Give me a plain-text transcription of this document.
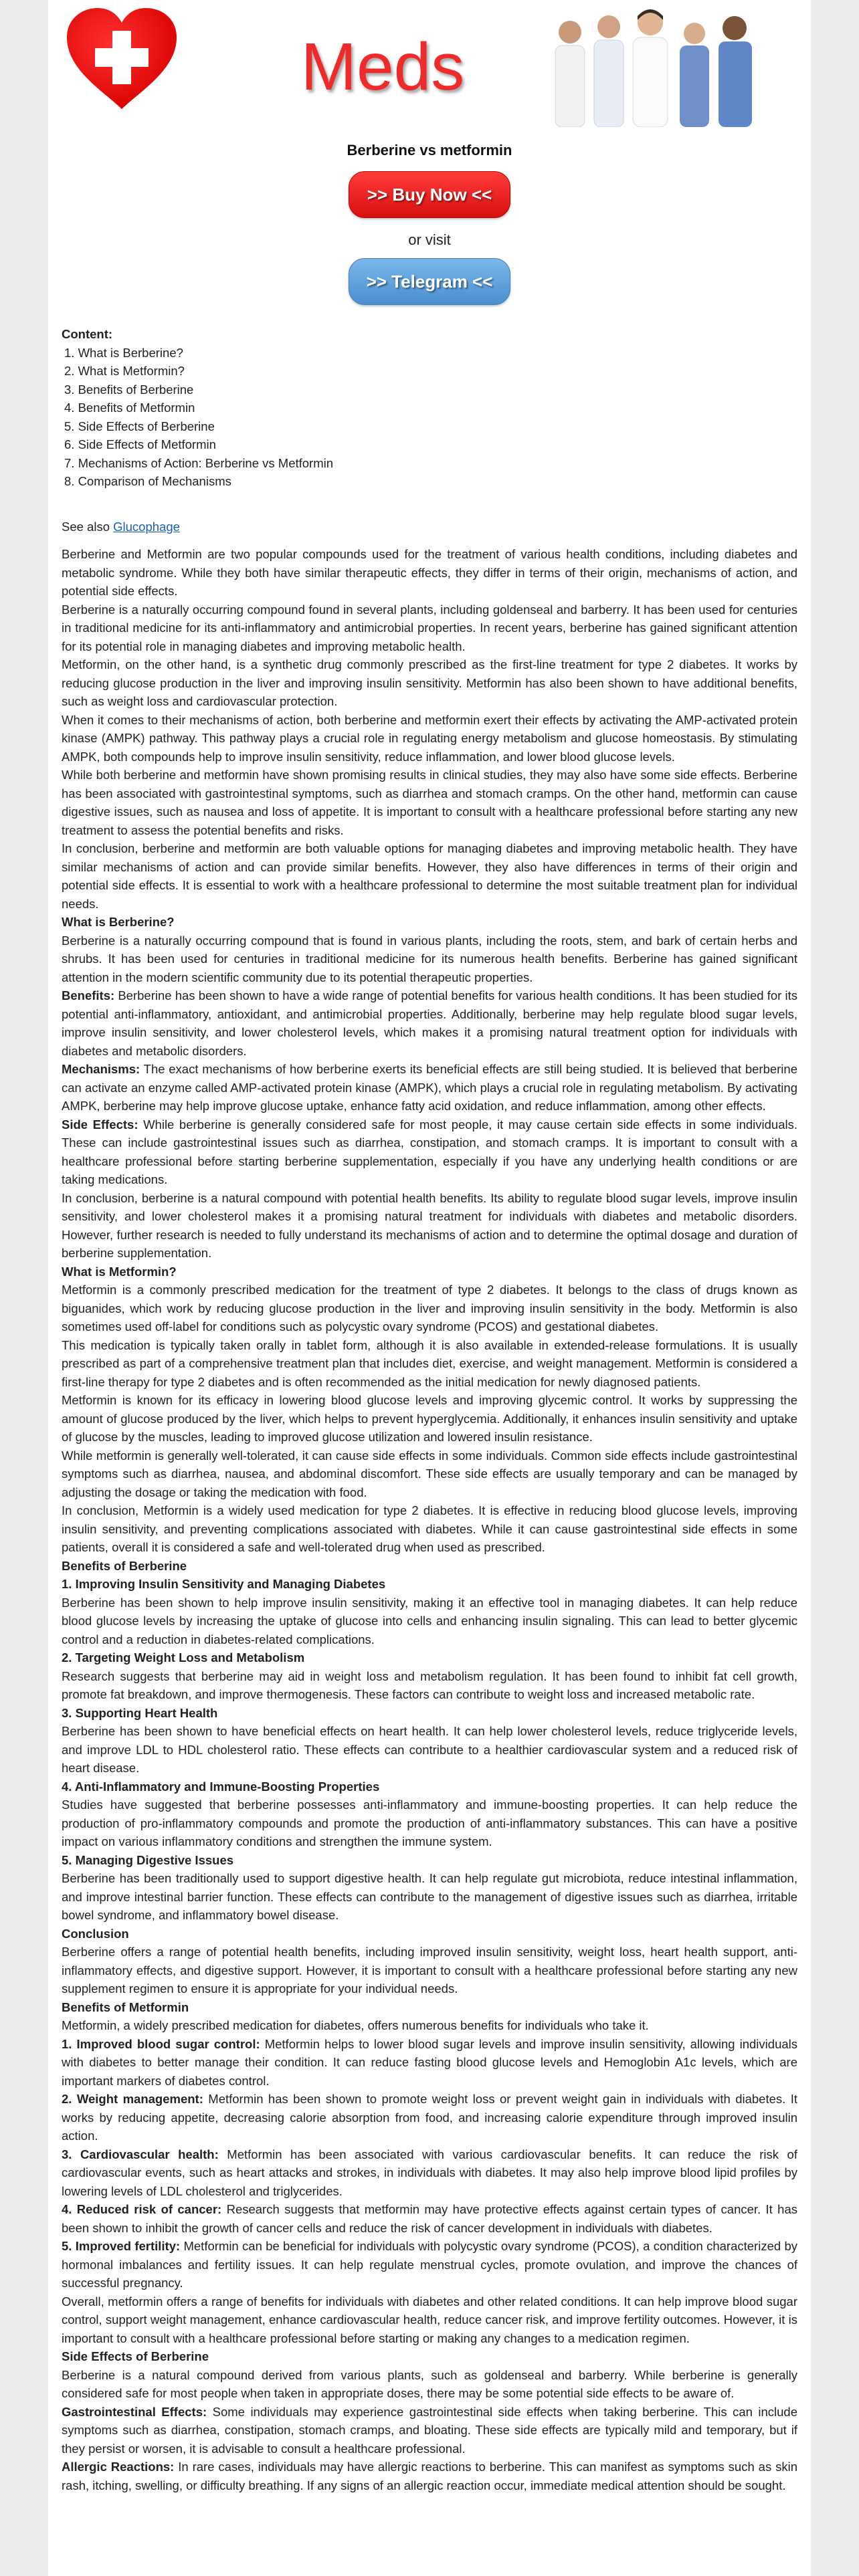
Meds
Berberine vs metformin
>> Buy Now <<
or visit
>> Telegram <<
Content:
1. What is Berberine?
2. What is Metformin?
3. Benefits of Berberine
4. Benefits of Metformin
5. Side Effects of Berberine
6. Side Effects of Metformin
7. Mechanisms of Action: Berberine vs Metformin
8. Comparison of Mechanisms
See also Glucophage

Berberine and Metformin are two popular compounds used for the treatment of various health conditions, including diabetes and metabolic syndrome. While they both have similar therapeutic effects, they differ in terms of their origin, mechanisms of action, and potential side effects.

Berberine is a naturally occurring compound found in several plants, including goldenseal and barberry. It has been used for centuries in traditional medicine for its anti-inflammatory and antimicrobial properties. In recent years, berberine has gained significant attention for its potential role in managing diabetes and improving metabolic health.

Metformin, on the other hand, is a synthetic drug commonly prescribed as the first-line treatment for type 2 diabetes. It works by reducing glucose production in the liver and improving insulin sensitivity. Metformin has also been shown to have additional benefits, such as weight loss and cardiovascular protection.

When it comes to their mechanisms of action, both berberine and metformin exert their effects by activating the AMP-activated protein kinase (AMPK) pathway. This pathway plays a crucial role in regulating energy metabolism and glucose homeostasis. By stimulating AMPK, both compounds help to improve insulin sensitivity, reduce inflammation, and lower blood glucose levels.

While both berberine and metformin have shown promising results in clinical studies, they may also have some side effects. Berberine has been associated with gastrointestinal symptoms, such as diarrhea and stomach cramps. On the other hand, metformin can cause digestive issues, such as nausea and loss of appetite. It is important to consult with a healthcare professional before starting any new treatment to assess the potential benefits and risks.

In conclusion, berberine and metformin are both valuable options for managing diabetes and improving metabolic health. They have similar mechanisms of action and can provide similar benefits. However, they also have differences in terms of their origin and potential side effects. It is essential to work with a healthcare professional to determine the most suitable treatment plan for individual needs.

What is Berberine?

Berberine is a naturally occurring compound that is found in various plants, including the roots, stem, and bark of certain herbs and shrubs. It has been used for centuries in traditional medicine for its numerous health benefits. Berberine has gained significant attention in the modern scientific community due to its potential therapeutic properties.

Benefits: Berberine has been shown to have a wide range of potential benefits for various health conditions. It has been studied for its potential anti-inflammatory, antioxidant, and antimicrobial properties. Additionally, berberine may help regulate blood sugar levels, improve insulin sensitivity, and lower cholesterol levels, which makes it a promising natural treatment option for individuals with diabetes and metabolic disorders.

Mechanisms: The exact mechanisms of how berberine exerts its beneficial effects are still being studied. It is believed that berberine can activate an enzyme called AMP-activated protein kinase (AMPK), which plays a crucial role in regulating metabolism. By activating AMPK, berberine may help improve glucose uptake, enhance fatty acid oxidation, and reduce inflammation, among other effects.

Side Effects: While berberine is generally considered safe for most people, it may cause certain side effects in some individuals. These can include gastrointestinal issues such as diarrhea, constipation, and stomach cramps. It is important to consult with a healthcare professional before starting berberine supplementation, especially if you have any underlying health conditions or are taking medications.

In conclusion, berberine is a natural compound with potential health benefits. Its ability to regulate blood sugar levels, improve insulin sensitivity, and lower cholesterol makes it a promising natural treatment for individuals with diabetes and metabolic disorders. However, further research is needed to fully understand its mechanisms of action and to determine the optimal dosage and duration of berberine supplementation.

What is Metformin?

Metformin is a commonly prescribed medication for the treatment of type 2 diabetes. It belongs to the class of drugs known as biguanides, which work by reducing glucose production in the liver and improving insulin sensitivity in the body. Metformin is also sometimes used off-label for conditions such as polycystic ovary syndrome (PCOS) and gestational diabetes.

This medication is typically taken orally in tablet form, although it is also available in extended-release formulations. It is usually prescribed as part of a comprehensive treatment plan that includes diet, exercise, and weight management. Metformin is considered a first-line therapy for type 2 diabetes and is often recommended as the initial medication for newly diagnosed patients.

Metformin is known for its efficacy in lowering blood glucose levels and improving glycemic control. It works by suppressing the amount of glucose produced by the liver, which helps to prevent hyperglycemia. Additionally, it enhances insulin sensitivity and uptake of glucose by the muscles, leading to improved glucose utilization and lowered insulin resistance.

While metformin is generally well-tolerated, it can cause side effects in some individuals. Common side effects include gastrointestinal symptoms such as diarrhea, nausea, and abdominal discomfort. These side effects are usually temporary and can be managed by adjusting the dosage or taking the medication with food.

In conclusion, Metformin is a widely used medication for type 2 diabetes. It is effective in reducing blood glucose levels, improving insulin sensitivity, and preventing complications associated with diabetes. While it can cause gastrointestinal side effects in some patients, overall it is considered a safe and well-tolerated drug when used as prescribed.

Benefits of Berberine

1. Improving Insulin Sensitivity and Managing Diabetes

Berberine has been shown to help improve insulin sensitivity, making it an effective tool in managing diabetes. It can help reduce blood glucose levels by increasing the uptake of glucose into cells and enhancing insulin signaling. This can lead to better glycemic control and a reduction in diabetes-related complications.

2. Targeting Weight Loss and Metabolism

Research suggests that berberine may aid in weight loss and metabolism regulation. It has been found to inhibit fat cell growth, promote fat breakdown, and improve thermogenesis. These factors can contribute to weight loss and increased metabolic rate.

3. Supporting Heart Health

Berberine has been shown to have beneficial effects on heart health. It can help lower cholesterol levels, reduce triglyceride levels, and improve LDL to HDL cholesterol ratio. These effects can contribute to a healthier cardiovascular system and a reduced risk of heart disease.

4. Anti-Inflammatory and Immune-Boosting Properties

Studies have suggested that berberine possesses anti-inflammatory and immune-boosting properties. It can help reduce the production of pro-inflammatory compounds and promote the production of anti-inflammatory substances. This can have a positive impact on various inflammatory conditions and strengthen the immune system.

5. Managing Digestive Issues

Berberine has been traditionally used to support digestive health. It can help regulate gut microbiota, reduce intestinal inflammation, and improve intestinal barrier function. These effects can contribute to the management of digestive issues such as diarrhea, irritable bowel syndrome, and inflammatory bowel disease.

Conclusion

Berberine offers a range of potential health benefits, including improved insulin sensitivity, weight loss, heart health support, anti-inflammatory effects, and digestive support. However, it is important to consult with a healthcare professional before starting any new supplement regimen to ensure it is appropriate for your individual needs.

Benefits of Metformin

Metformin, a widely prescribed medication for diabetes, offers numerous benefits for individuals who take it.

1. Improved blood sugar control: Metformin helps to lower blood sugar levels and improve insulin sensitivity, allowing individuals with diabetes to better manage their condition. It can reduce fasting blood glucose levels and Hemoglobin A1c levels, which are important markers of diabetes control.

2. Weight management: Metformin has been shown to promote weight loss or prevent weight gain in individuals with diabetes. It works by reducing appetite, decreasing calorie absorption from food, and increasing calorie expenditure through improved insulin action.

3. Cardiovascular health: Metformin has been associated with various cardiovascular benefits. It can reduce the risk of cardiovascular events, such as heart attacks and strokes, in individuals with diabetes. It may also help improve blood lipid profiles by lowering levels of LDL cholesterol and triglycerides.

4. Reduced risk of cancer: Research suggests that metformin may have protective effects against certain types of cancer. It has been shown to inhibit the growth of cancer cells and reduce the risk of cancer development in individuals with diabetes.

5. Improved fertility: Metformin can be beneficial for individuals with polycystic ovary syndrome (PCOS), a condition characterized by hormonal imbalances and fertility issues. It can help regulate menstrual cycles, promote ovulation, and improve the chances of successful pregnancy.

Overall, metformin offers a range of benefits for individuals with diabetes and other related conditions. It can help improve blood sugar control, support weight management, enhance cardiovascular health, reduce cancer risk, and improve fertility outcomes. However, it is important to consult with a healthcare professional before starting or making any changes to a medication regimen.

Side Effects of Berberine

Berberine is a natural compound derived from various plants, such as goldenseal and barberry. While berberine is generally considered safe for most people when taken in appropriate doses, there may be some potential side effects to be aware of.

Gastrointestinal Effects: Some individuals may experience gastrointestinal side effects when taking berberine. This can include symptoms such as diarrhea, constipation, stomach cramps, and bloating. These side effects are typically mild and temporary, but if they persist or worsen, it is advisable to consult a healthcare professional.

Allergic Reactions: In rare cases, individuals may have allergic reactions to berberine. This can manifest as symptoms such as skin rash, itching, swelling, or difficulty breathing. If any signs of an allergic reaction occur, immediate medical attention should be sought.
